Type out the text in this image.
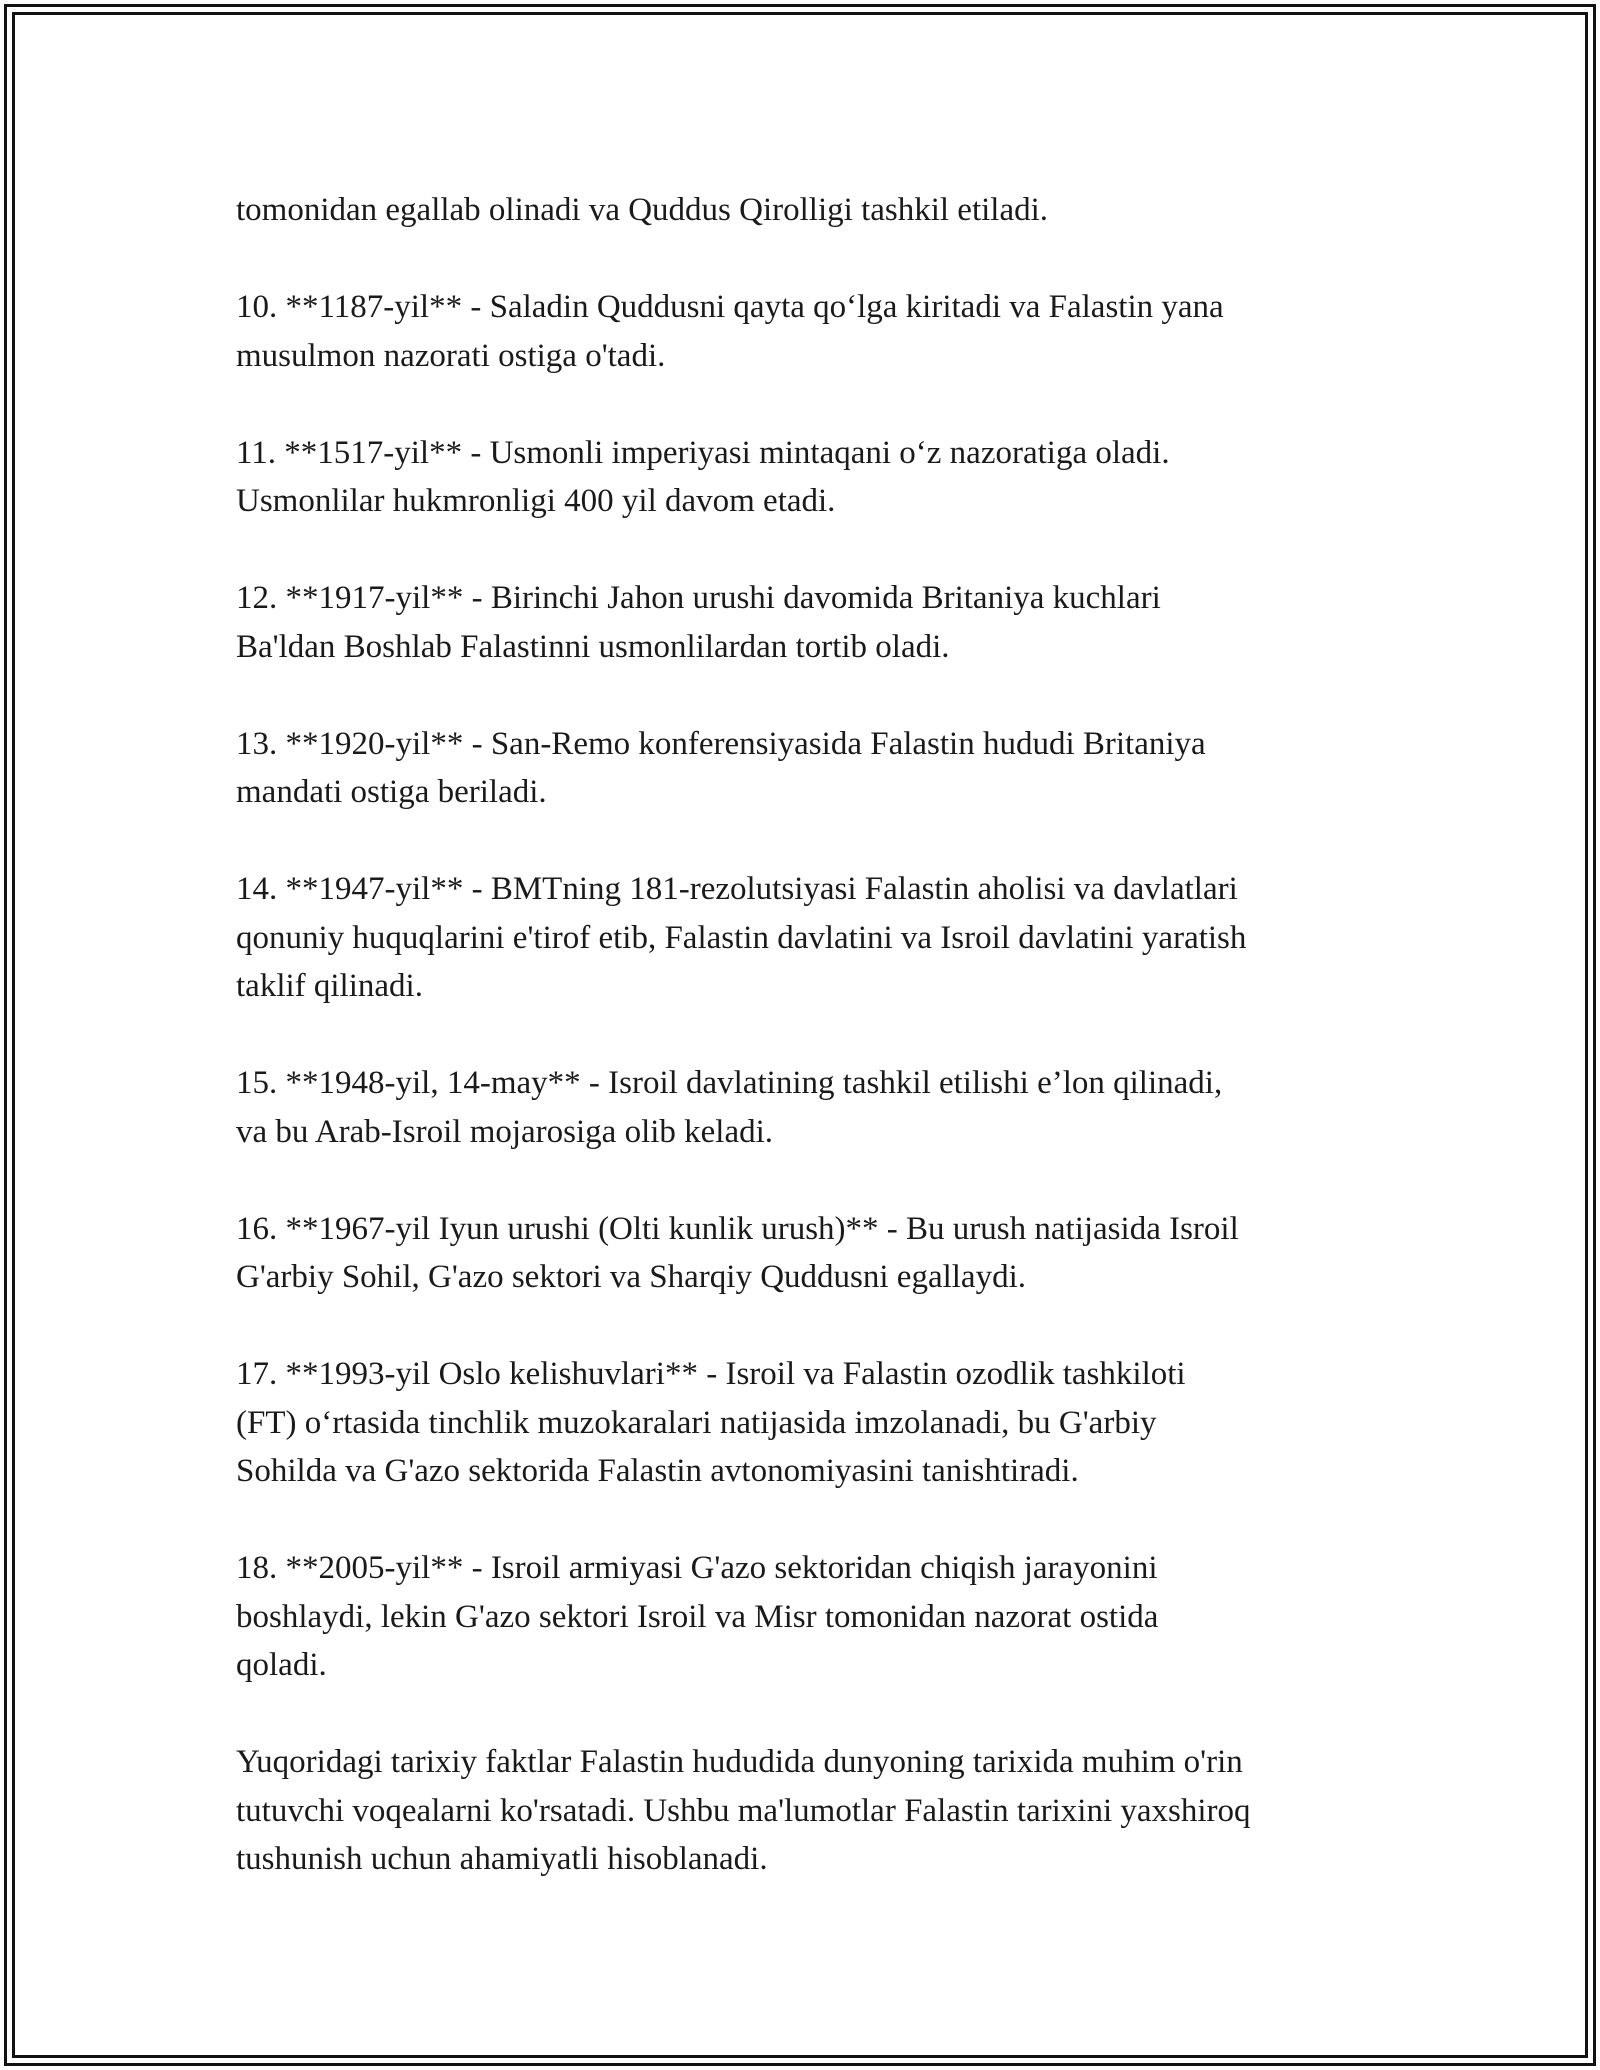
tomonidan egallab olinadi va Quddus Qirolligi tashkil etiladi.

10. **1187-yil** - Saladin Quddusni qayta qo‘lga kiritadi va Falastin yana
musulmon nazorati ostiga o'tadi.

11. **1517-yil** - Usmonli imperiyasi mintaqani o‘z nazoratiga oladi.
Usmonlilar hukmronligi 400 yil davom etadi.

12. **1917-yil** - Birinchi Jahon urushi davomida Britaniya kuchlari
Ba'ldan Boshlab Falastinni usmonlilardan tortib oladi.

13. **1920-yil** - San-Remo konferensiyasida Falastin hududi Britaniya
mandati ostiga beriladi.

14. **1947-yil** - BMTning 181-rezolutsiyasi Falastin aholisi va davlatlari
qonuniy huquqlarini e'tirof etib, Falastin davlatini va Isroil davlatini yaratish
taklif qilinadi.

15. **1948-yil, 14-may** - Isroil davlatining tashkil etilishi e’lon qilinadi,
va bu Arab-Isroil mojarosiga olib keladi.

16. **1967-yil Iyun urushi (Olti kunlik urush)** - Bu urush natijasida Isroil
G'arbiy Sohil, G'azo sektori va Sharqiy Quddusni egallaydi.

17. **1993-yil Oslo kelishuvlari** - Isroil va Falastin ozodlik tashkiloti
(FT) o‘rtasida tinchlik muzokaralari natijasida imzolanadi, bu G'arbiy
Sohilda va G'azo sektorida Falastin avtonomiyasini tanishtiradi.

18. **2005-yil** - Isroil armiyasi G'azo sektoridan chiqish jarayonini
boshlaydi, lekin G'azo sektori Isroil va Misr tomonidan nazorat ostida
qoladi.

Yuqoridagi tarixiy faktlar Falastin hududida dunyoning tarixida muhim o'rin
tutuvchi voqealarni ko'rsatadi. Ushbu ma'lumotlar Falastin tarixini yaxshiroq
tushunish uchun ahamiyatli hisoblanadi.
